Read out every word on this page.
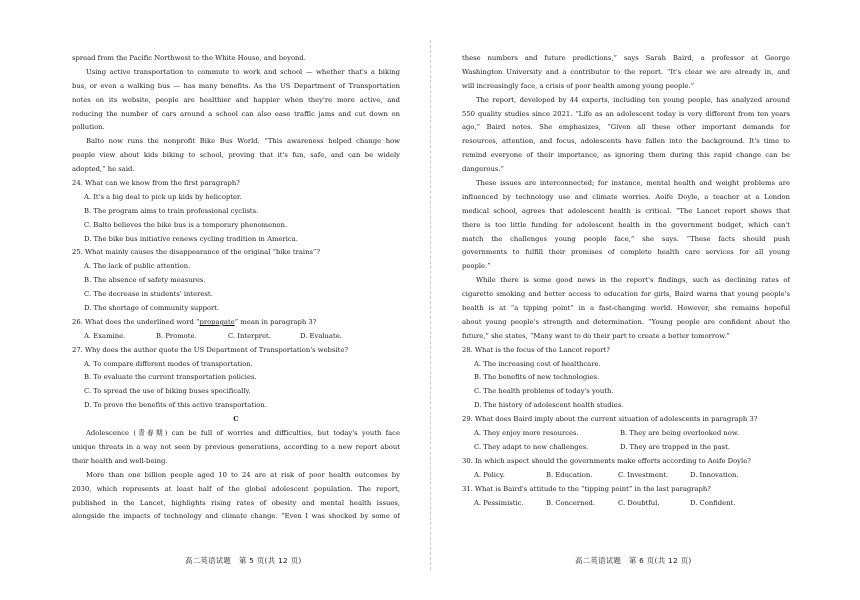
spread from the Pacific Northwest to the White House, and beyond.
Using active transportation to commute to work and school — whether that's a biking
bus, or even a walking bus — has many benefits. As the US Department of Transportation
notes on its website, people are healthier and happier when they're more active, and
reducing the number of cars around a school can also ease traffic jams and cut down on
pollution.
Balto now runs the nonprofit Bike Bus World. “This awareness helped change how
people view about kids biking to school, proving that it's fun, safe, and can be widely
adopted,” he said.
24. What can we know from the first paragraph?
A. It's a big deal to pick up kids by helicopter.
B. The program aims to train professional cyclists.
C. Balto believes the bike bus is a temporary phenomenon.
D. The bike bus initiative renews cycling tradition in America.
25. What mainly causes the disappearance of the original “bike trains”?
A. The lack of public attention.
B. The absence of safety measures.
C. The decrease in students' interest.
D. The shortage of community support.
26. What does the underlined word “propagate” mean in paragraph 3?
A. Examine.	B. Promote.	C. Interpret.	D. Evaluate.
27. Why does the author quote the US Department of Transportation's website?
A. To compare different modes of transportation.
B. To evaluate the current transportation policies.
C. To spread the use of biking buses specifically.
D. To prove the benefits of this active transportation.
C
Adolescence (青春期) can be full of worries and difficulties, but today's youth face
unique threats in a way not seen by previous generations, according to a new report about
their health and well-being.
More than one billion people aged 10 to 24 are at risk of poor health outcomes by
2030, which represents at least half of the global adolescent population. The report,
published in the Lancet, highlights rising rates of obesity and mental health issues,
alongside the impacts of technology and climate change. “Even I was shocked by some of
these numbers and future predictions,” says Sarah Baird, a professor at George
Washington University and a contributor to the report. “It's clear we are already in, and
will increasingly face, a crisis of poor health among young people.”
The report, developed by 44 experts, including ten young people, has analyzed around
550 quality studies since 2021. “Life as an adolescent today is very different from ten years
ago,” Baird notes. She emphasizes, “Given all these other important demands for
resources, attention, and focus, adolescents have fallen into the background. It's time to
remind everyone of their importance, as ignoring them during this rapid change can be
dangerous.”
These issues are interconnected; for instance, mental health and weight problems are
influenced by technology use and climate worries. Aoife Doyle, a teacher at a London
medical school, agrees that adolescent health is critical. “The Lancet report shows that
there is too little funding for adolescent health in the government budget, which can't
match the challenges young people face,” she says. “These facts should push
governments to fulfill their promises of complete health care services for all young
people.”
While there is some good news in the report's findings, such as declining rates of
cigarette smoking and better access to education for girls, Baird warns that young people's
health is at “a tipping point” in a fast-changing world. However, she remains hopeful
about young people's strength and determination. “Young people are confident about the
future,” she states, “Many want to do their part to create a better tomorrow.”
28. What is the focus of the Lancet report?
A. The increasing cost of healthcare.
B. The benefits of new technologies.
C. The health problems of today's youth.
D. The history of adolescent health studies.
29. What does Baird imply about the current situation of adolescents in paragraph 3?
A. They enjoy more resources.	B. They are being overlooked now.
C. They adapt to new challenges.	D. They are trapped in the past.
30. In which aspect should the governments make efforts according to Aoife Doyle?
A. Policy.	B. Education.	C. Investment.	D. Innovation.
31. What is Baird's attitude to the “tipping point” in the last paragraph?
A. Pessimistic.	B. Concerned.	C. Doubtful.	D. Confident.
高二英语试题　第 5 页(共 12 页)	高二英语试题　第 6 页(共 12 页)
